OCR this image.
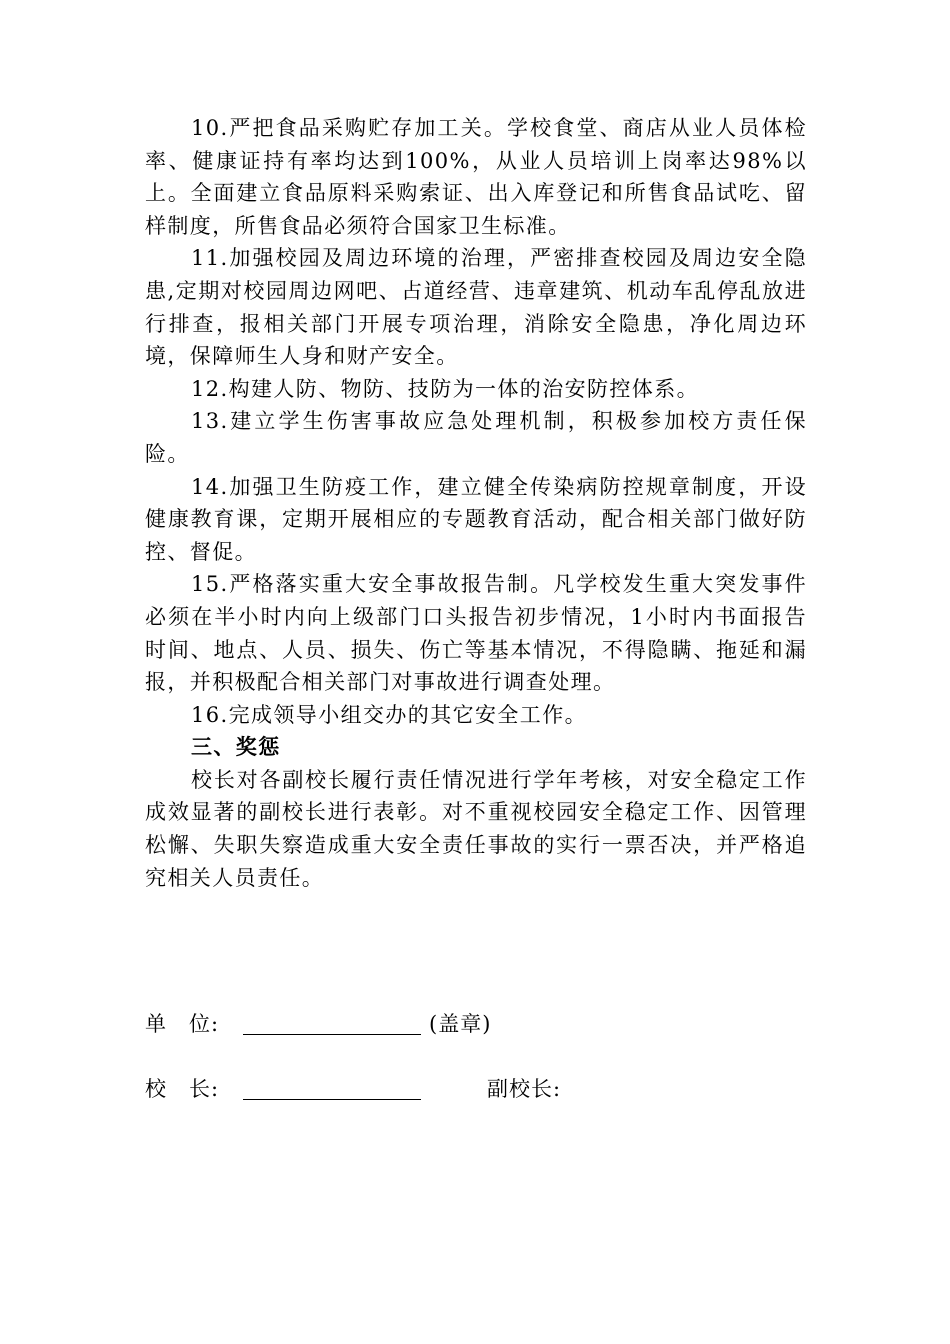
10.严把食品采购贮存加工关。学校食堂、商店从业人员体检率、健康证持有率均达到100%，从业人员培训上岗率达98%以上。全面建立食品原料采购索证、出入库登记和所售食品试吃、留样制度，所售食品必须符合国家卫生标准。

11.加强校园及周边环境的治理，严密排查校园及周边安全隐患,定期对校园周边网吧、占道经营、违章建筑、机动车乱停乱放进行排查，报相关部门开展专项治理，消除安全隐患，净化周边环境，保障师生人身和财产安全。

12.构建人防、物防、技防为一体的治安防控体系。

13.建立学生伤害事故应急处理机制，积极参加校方责任保险。

14.加强卫生防疫工作，建立健全传染病防控规章制度，开设健康教育课，定期开展相应的专题教育活动，配合相关部门做好防控、督促。

15.严格落实重大安全事故报告制。凡学校发生重大突发事件必须在半小时内向上级部门口头报告初步情况，1小时内书面报告时间、地点、人员、损失、伤亡等基本情况，不得隐瞒、拖延和漏报，并积极配合相关部门对事故进行调查处理。

16.完成领导小组交办的其它安全工作。

三、奖惩

校长对各副校长履行责任情况进行学年考核，对安全稳定工作成效显著的副校长进行表彰。对不重视校园安全稳定工作、因管理松懈、失职失察造成重大安全责任事故的实行一票否决，并严格追究相关人员责任。

单　位:	(盖章)
校　长:	副校长:
